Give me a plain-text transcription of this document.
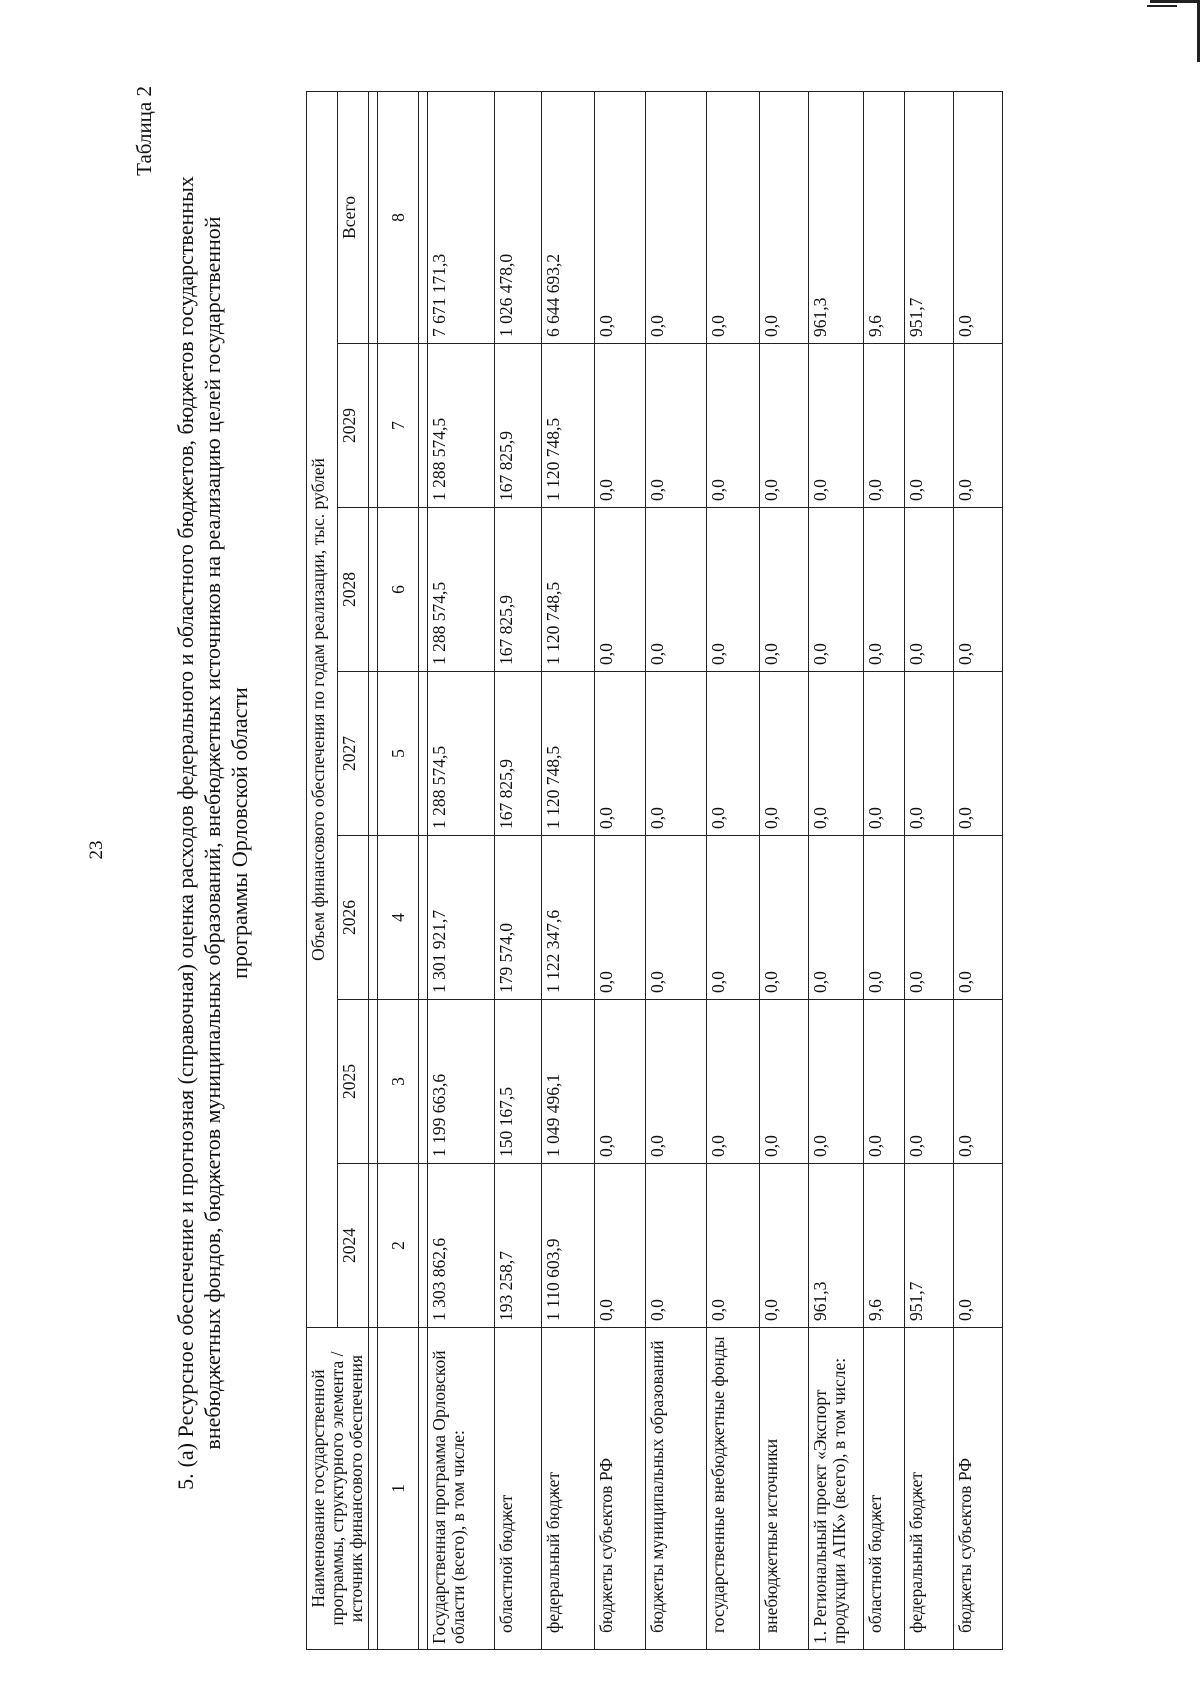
23
Таблица 2
5.(а) Ресурсное обеспечение и прогнозная (справочная) оценка расходов федерального и областного бюджетов, бюджетов государственных внебюджетных фондов, бюджетов муниципальных образований, внебюджетных источников на реализацию целей государственной программы Орловской области
Наименование государственной программы, структурного элемента / источник финансового обеспечения	Объем финансового обеспечения по годам реализации, тыс. рублей						
	2024	2025	2026	2027	2028	2029	Всего

1	2	3	4	5	6	7	8

Государственная программа Орловской области (всего), в том числе:	1 303 862,6	1 199 663,6	1 301 921,7	1 288 574,5	1 288 574,5	1 288 574,5	7 671 171,3
областной бюджет	193 258,7	150 167,5	179 574,0	167 825,9	167 825,9	167 825,9	1 026 478,0
федеральный бюджет	1 110 603,9	1 049 496,1	1 122 347,6	1 120 748,5	1 120 748,5	1 120 748,5	6 644 693,2
бюджеты субъектов РФ	0,0	0,0	0,0	0,0	0,0	0,0	0,0
бюджеты муниципальных образований	0,0	0,0	0,0	0,0	0,0	0,0	0,0
государственные внебюджетные фонды	0,0	0,0	0,0	0,0	0,0	0,0	0,0
внебюджетные источники	0,0	0,0	0,0	0,0	0,0	0,0	0,0
1. Региональный проект «Экспорт продукции АПК» (всего), в том числе:	961,3	0,0	0,0	0,0	0,0	0,0	961,3
областной бюджет	9,6	0,0	0,0	0,0	0,0	0,0	9,6
федеральный бюджет	951,7	0,0	0,0	0,0	0,0	0,0	951,7
бюджеты субъектов РФ	0,0	0,0	0,0	0,0	0,0	0,0	0,0
